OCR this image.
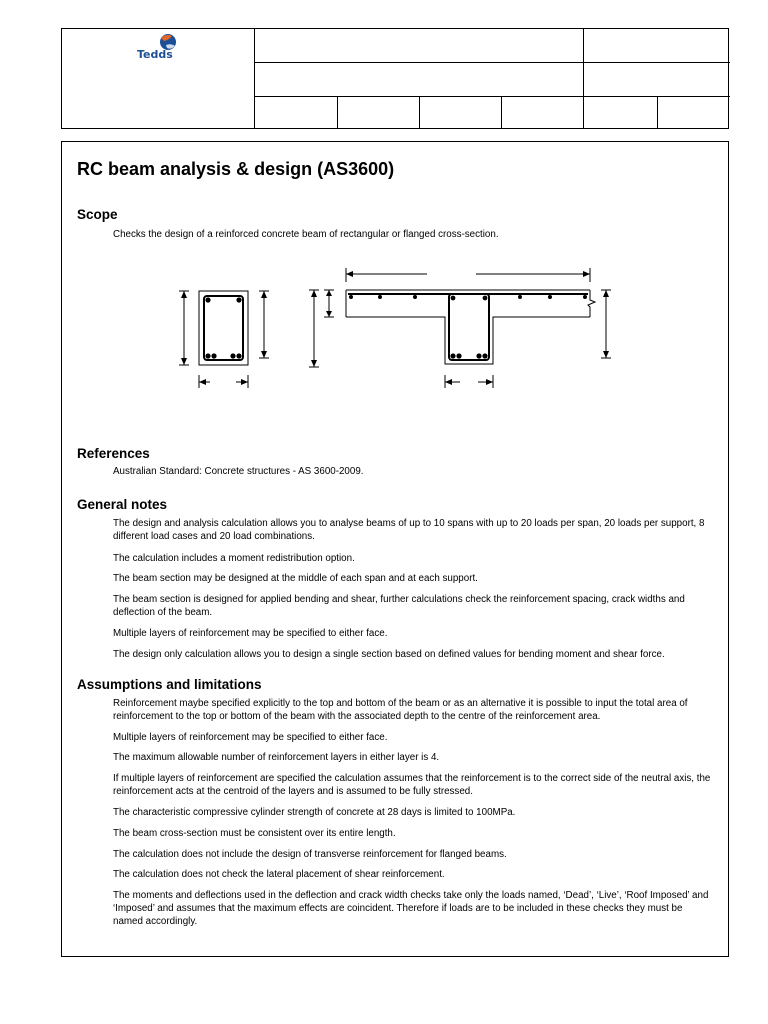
Tedds
RC beam analysis & design (AS3600)
Scope
Checks the design of a reinforced concrete beam of rectangular or flanged cross-section.
References
Australian Standard: Concrete structures - AS 3600-2009.
General notes
The design and analysis calculation allows you to analyse beams of up to 10 spans with up to 20 loads per span, 20 loads per support, 8 different load cases and 20 load combinations.
The calculation includes a moment redistribution option.
The beam section may be designed at the middle of each span and at each support.
The beam section is designed for applied bending and shear, further calculations check the reinforcement spacing, crack widths and deflection of the beam.
Multiple layers of reinforcement may be specified to either face.
The design only calculation allows you to design a single section based on defined values for bending moment and shear force.
Assumptions and limitations
Reinforcement maybe specified explicitly to the top and bottom of the beam or as an alternative it is possible to input the total area of reinforcement to the top or bottom of the beam with the associated depth to the centre of the reinforcement area.
Multiple layers of reinforcement may be specified to either face.
The maximum allowable number of reinforcement layers in either layer is 4.
If multiple layers of reinforcement are specified the calculation assumes that the reinforcement is to the correct side of the neutral axis, the reinforcement acts at the centroid of the layers and is assumed to be fully stressed.
The characteristic compressive cylinder strength of concrete at 28 days is limited to 100MPa.
The beam cross-section must be consistent over its entire length.
The calculation does not include the design of transverse reinforcement for flanged beams.
The calculation does not check the lateral placement of shear reinforcement.
The moments and deflections used in the deflection and crack width checks take only the loads named, ‘Dead’, ‘Live’, ‘Roof Imposed’ and ‘Imposed’ and assumes that the maximum effects are coincident. Therefore if loads are to be included in these checks they must be named accordingly.
